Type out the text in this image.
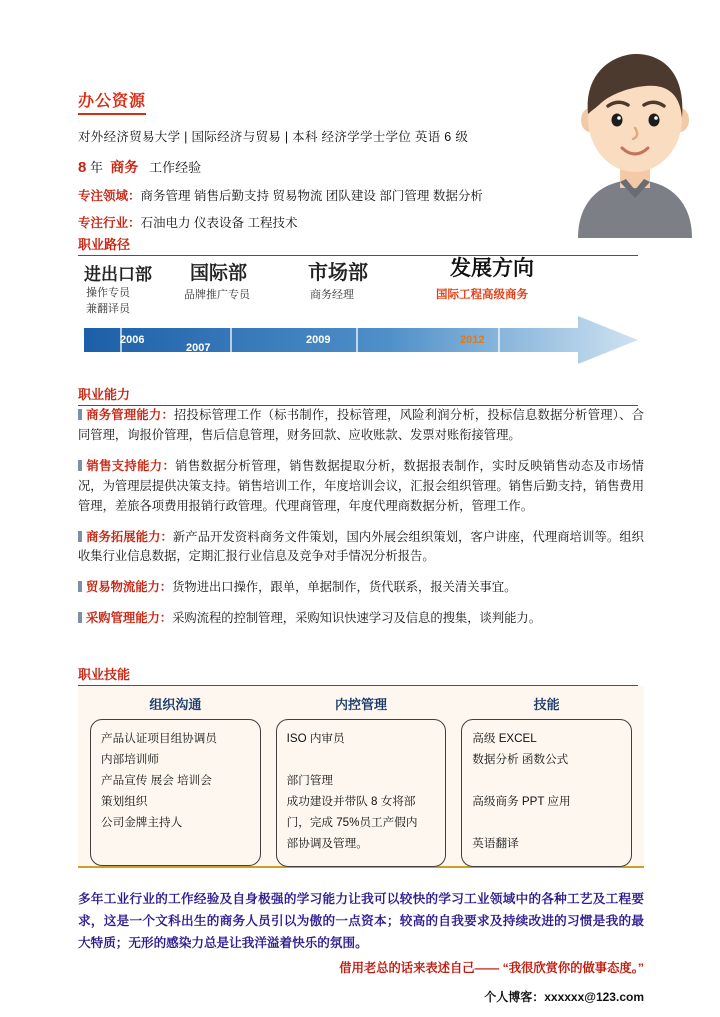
办公资源
对外经济贸易大学 | 国际经济与贸易 | 本科 经济学学士学位 英语 6 级
8 年 商务 工作经验
专注领域：商务管理 销售后勤支持 贸易物流 团队建设 部门管理 数据分析
专注行业：石油电力 仪表设备 工程技术
职业路径
进出口部
操作专员
兼翻译员
2006
国际部
品牌推广专员
2007
市场部
商务经理
2009
发展方向
国际工程高级商务
2012
职业能力
商务管理能力：招投标管理工作（标书制作，投标管理，风险利润分析，投标信息数据分析管理）、合同管理，询报价管理，售后信息管理，财务回款、应收账款、发票对账衔接管理。
销售支持能力：销售数据分析管理，销售数据提取分析，数据报表制作，实时反映销售动态及市场情况，为管理层提供决策支持。销售培训工作，年度培训会议，汇报会组织管理。销售后勤支持，销售费用管理，差旅各项费用报销行政管理。代理商管理，年度代理商数据分析，管理工作。
商务拓展能力：新产品开发资料商务文件策划，国内外展会组织策划，客户讲座，代理商培训等。组织收集行业信息数据，定期汇报行业信息及竞争对手情况分析报告。
贸易物流能力：货物进出口操作，跟单，单据制作，货代联系，报关清关事宜。
采购管理能力：采购流程的控制管理，采购知识快速学习及信息的搜集，谈判能力。
职业技能
组织沟通
产品认证项目组协调员
内部培训师
产品宣传 展会 培训会
策划组织
公司金牌主持人
内控管理
ISO 内审员

部门管理
成功建设并带队 8 女将部
门，完成 75%员工产假内
部协调及管理。
技能
高级 EXCEL
数据分析 函数公式

高级商务 PPT 应用

英语翻译
多年工业行业的工作经验及自身极强的学习能力让我可以较快的学习工业领域中的各种工艺及工程要求，这是一个文科出生的商务人员引以为傲的一点资本；较高的自我要求及持续改进的习惯是我的最大特质；无形的感染力总是让我洋溢着快乐的氛围。
借用老总的话来表述自己—— “我很欣赏你的做事态度。”
个人博客：xxxxxx@123.com
